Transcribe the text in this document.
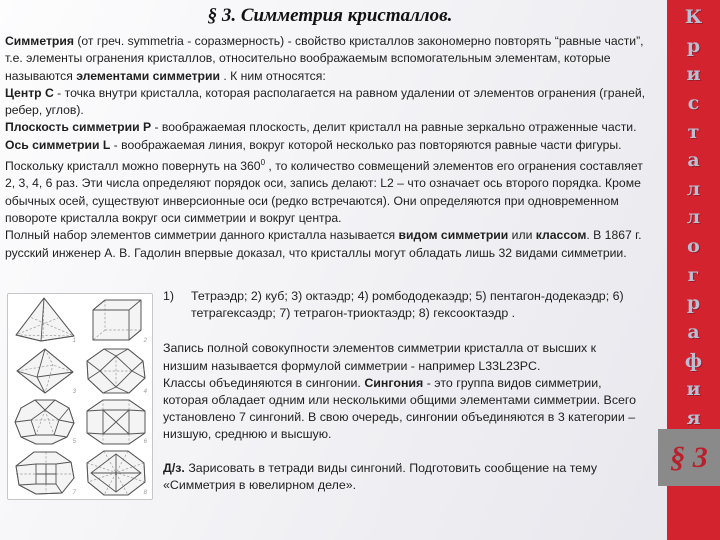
§ 3. Симметрия кристаллов.

Симметрия (от греч. symmetria - соразмерность) - свойство кристаллов закономерно повторять “равные части”, т.е. элементы огранения кристаллов, относительно воображаемым вспомогательным элементам, которые называются элементами симметрии . К ним относятся:

Центр C - точка внутри кристалла, которая располагается на равном удалении от элементов огранения (граней, ребер, углов).

Плоскость симметрии P - воображаемая плоскость, делит кристалл на равные зеркально отраженные части.

Ось симметрии L - воображаемая линия, вокруг которой несколько раз повторяются равные части фигуры. Поскольку кристалл можно повернуть на $360^0$ , то количество совмещений элементов его огранения составляет 2, 3, 4, 6 раз. Эти числа определяют порядок оси, запись делают: L2 – что означает ось второго порядка. Кроме обычных осей, существуют инверсионные оси (редко встречаются). Они определяются при одновременном повороте кристалла вокруг оси симметрии и вокруг центра.

Полный набор элементов симметрии данного кристалла называется видом симметрии или классом. В 1867 г. русский инженер А. В. Гадолин впервые доказал, что кристаллы могут обладать лишь 32 видами симметрии.

1	2
3	4
5	6
7	8
1) Тетраэдр; 2) куб; 3) октаэдр; 4) ромбододекаэдр; 5) пентагон-додекаэдр; 6) тетрагексаэдр; 7) тетрагон-триоктаэдр; 8) гексооктаэдр .

Запись полной совокупности элементов симметрии кристалла от высших к низшим называется формулой симметрии - например L33L23PC.

Классы объединяются в сингонии. Сингония - это группа видов симметрии, которая обладает одним или несколькими общими элементами симметрии. Всего установлено 7 сингоний. В свою очередь, сингонии объединяются в 3 категории – низшую, среднюю и высшую.

Д/з. Зарисовать в тетради виды сингоний. Подготовить сообщение на тему «Симметрия в ювелирном деле».

К
р
и
с
т
а
л
л
о
г
р
а
ф
и
я
§ 3
